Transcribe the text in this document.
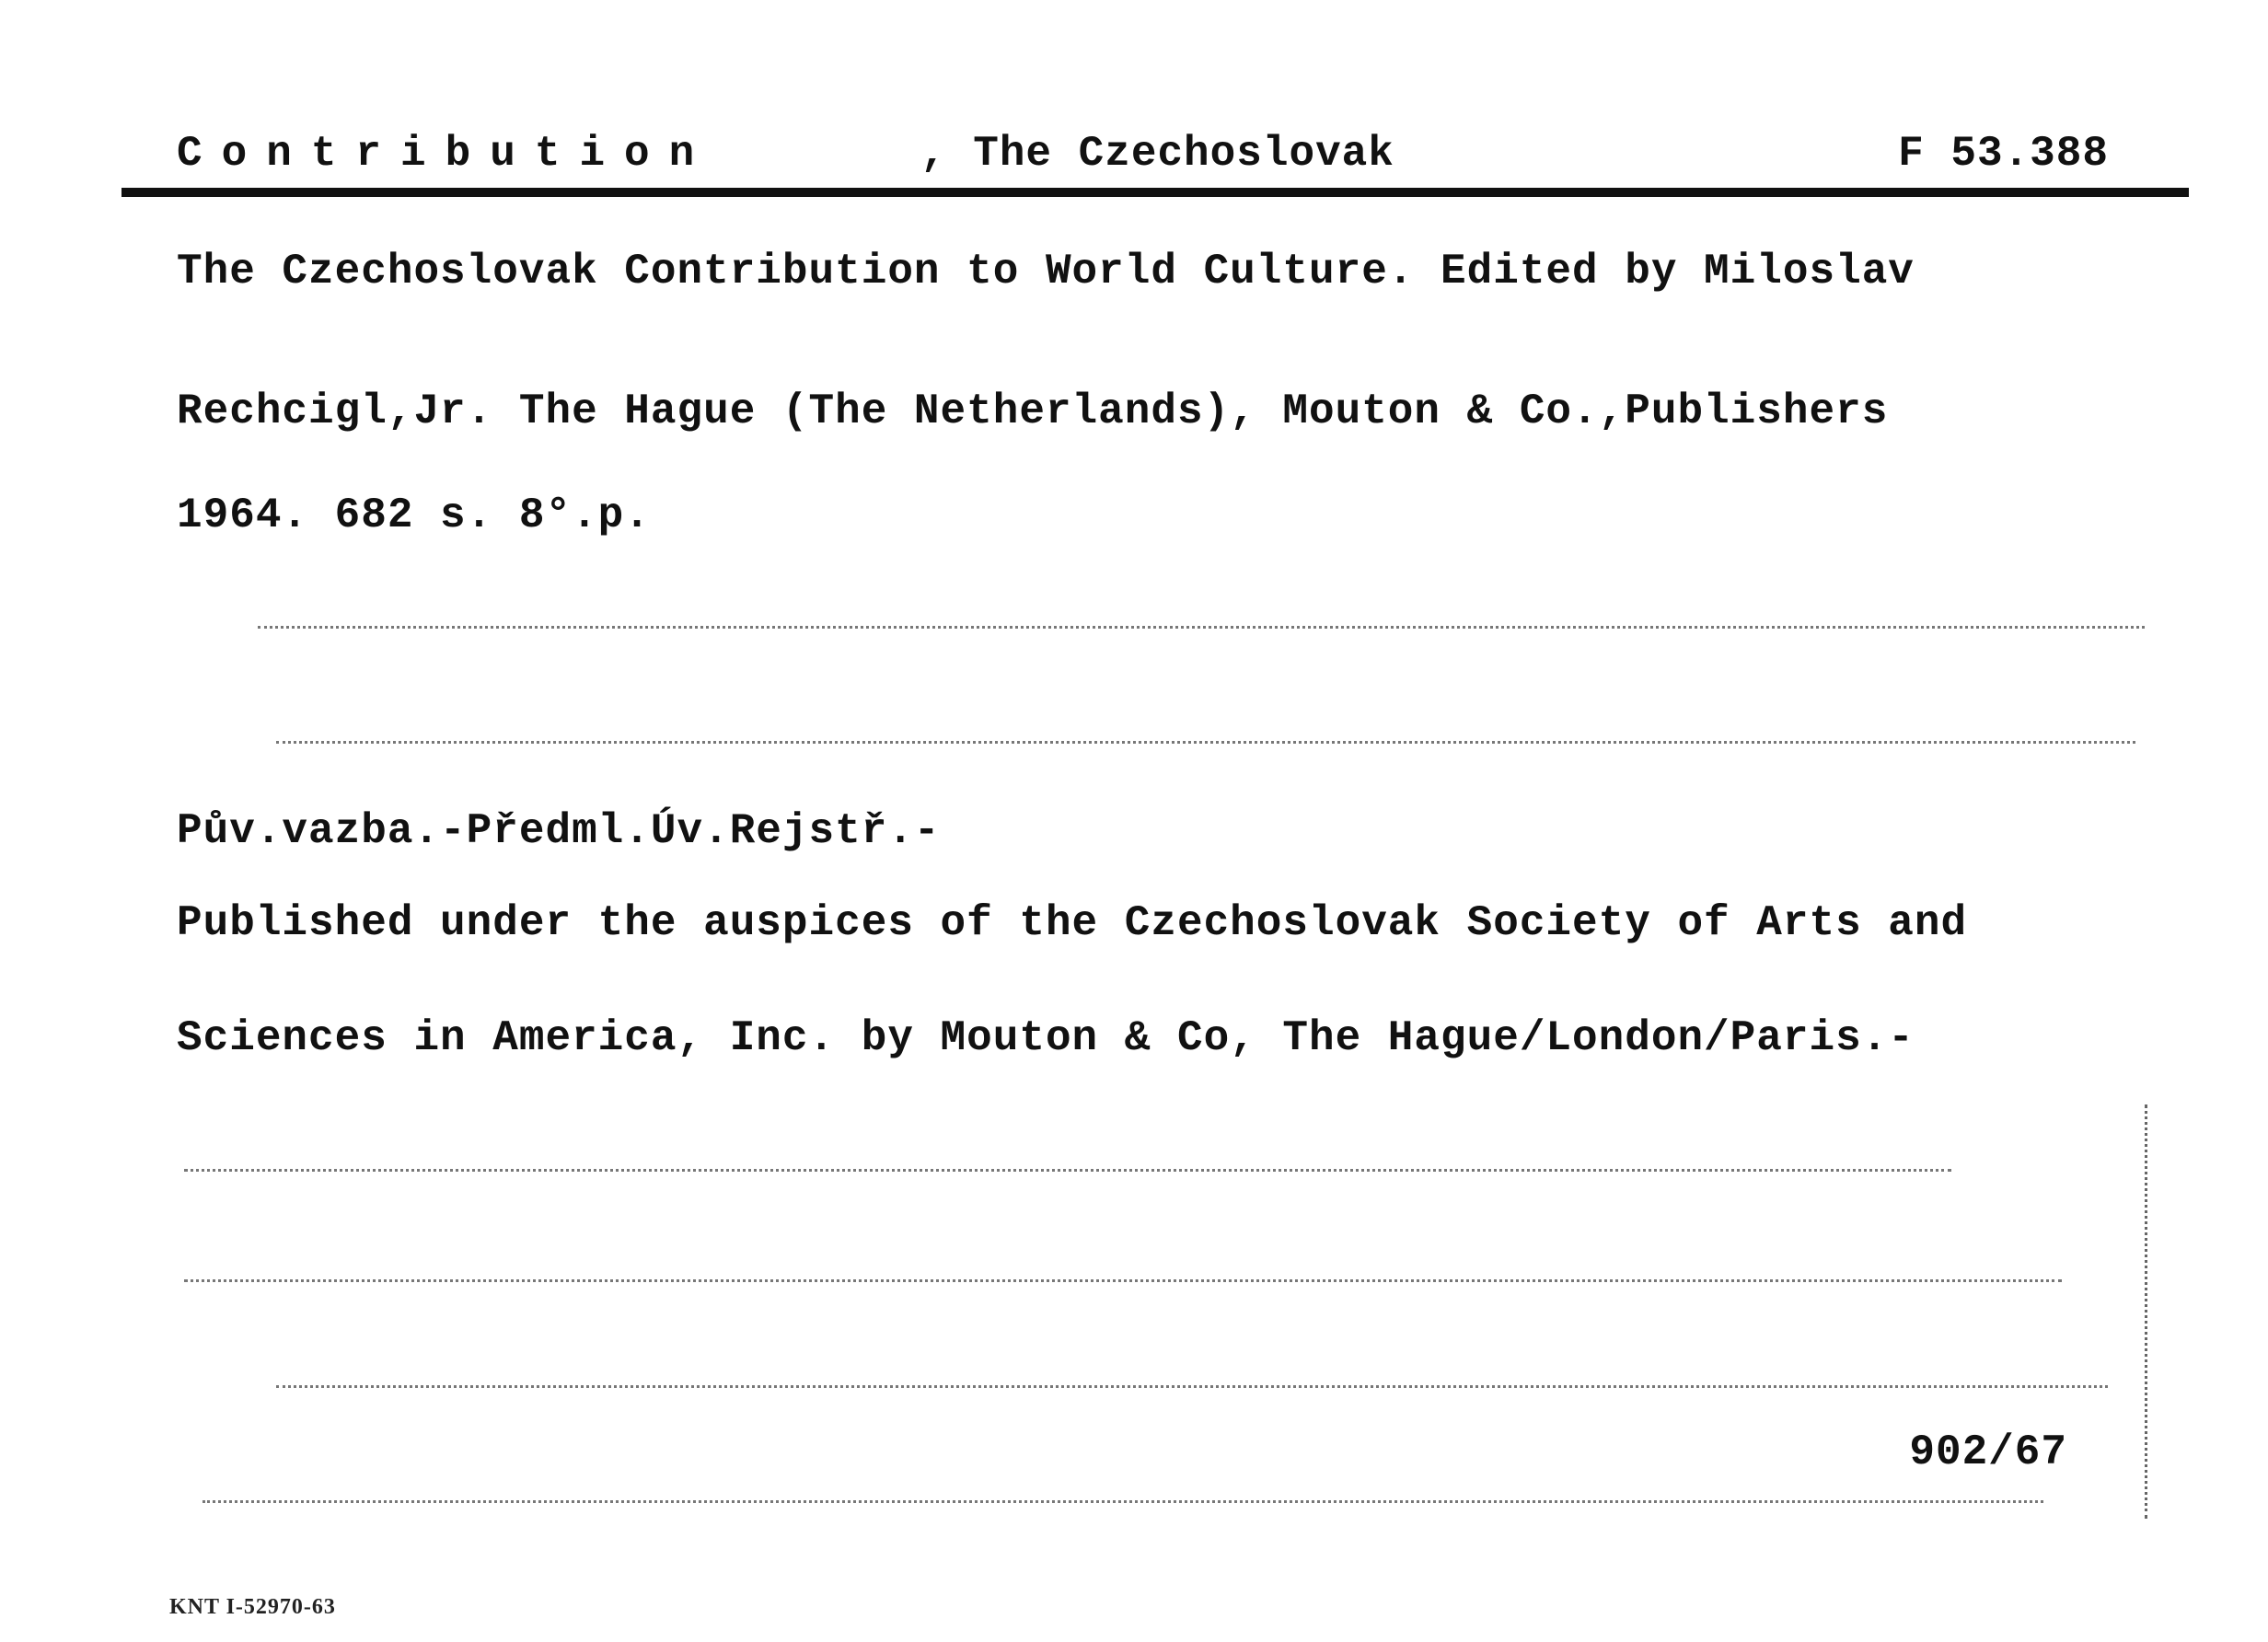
Contribution	, The Czechoslovak	F 53.388
The Czechoslovak Contribution to World Culture. Edited by Miloslav
Rechcigl,Jr. The Hague (The Netherlands), Mouton & Co.,Publishers
1964. 682 s. 8°.p.
Pův.vazba.-Předml.Úv.Rejstř.-
Published under the auspices of the Czechoslovak Society of Arts and
Sciences in America, Inc. by Mouton & Co, The Hague/London/Paris.-
902/67
KNT I-52970-63
